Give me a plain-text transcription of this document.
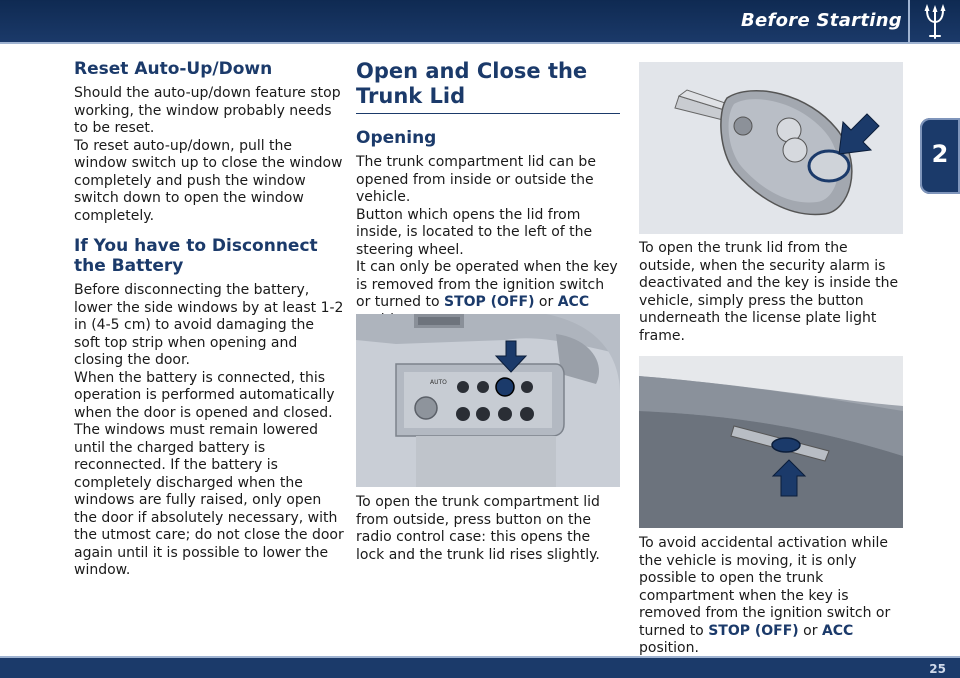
Before Starting
2
Reset Auto-Up/Down

Should the auto-up/down feature stop working, the window probably needs to be reset.

To reset auto-up/down, pull the window switch up to close the window completely and push the window switch down to open the window completely.

If You have to Disconnect the Battery

Before disconnecting the battery, lower the side windows by at least 1-2 in (4-5 cm) to avoid damaging the soft top strip when opening and closing the door.

When the battery is connected, this operation is performed automatically when the door is opened and closed. The windows must remain lowered until the charged battery is reconnected. If the battery is completely discharged when the windows are fully raised, only open the door if absolutely necessary, with the utmost care; do not close the door again until it is possible to lower the window.

Open and Close the Trunk Lid
Opening

The trunk compartment lid can be opened from inside or outside the vehicle.

Button which opens the lid from inside, is located to the left of the steering wheel.

It can only be operated when the key is removed from the ignition switch or turned to STOP (OFF) or ACC

AUTO

To open the trunk compartment lid from outside, press button on the radio control case: this opens the lock and the trunk lid rises slightly.

To open the trunk lid from the outside, when the security alarm is deactivated and the key is inside the vehicle, simply press the button underneath the license plate light frame.

To avoid accidental activation while the vehicle is moving, it is only possible to open the trunk compartment when the key is removed from the ignition switch or turned to STOP (OFF) or ACC position.

25
